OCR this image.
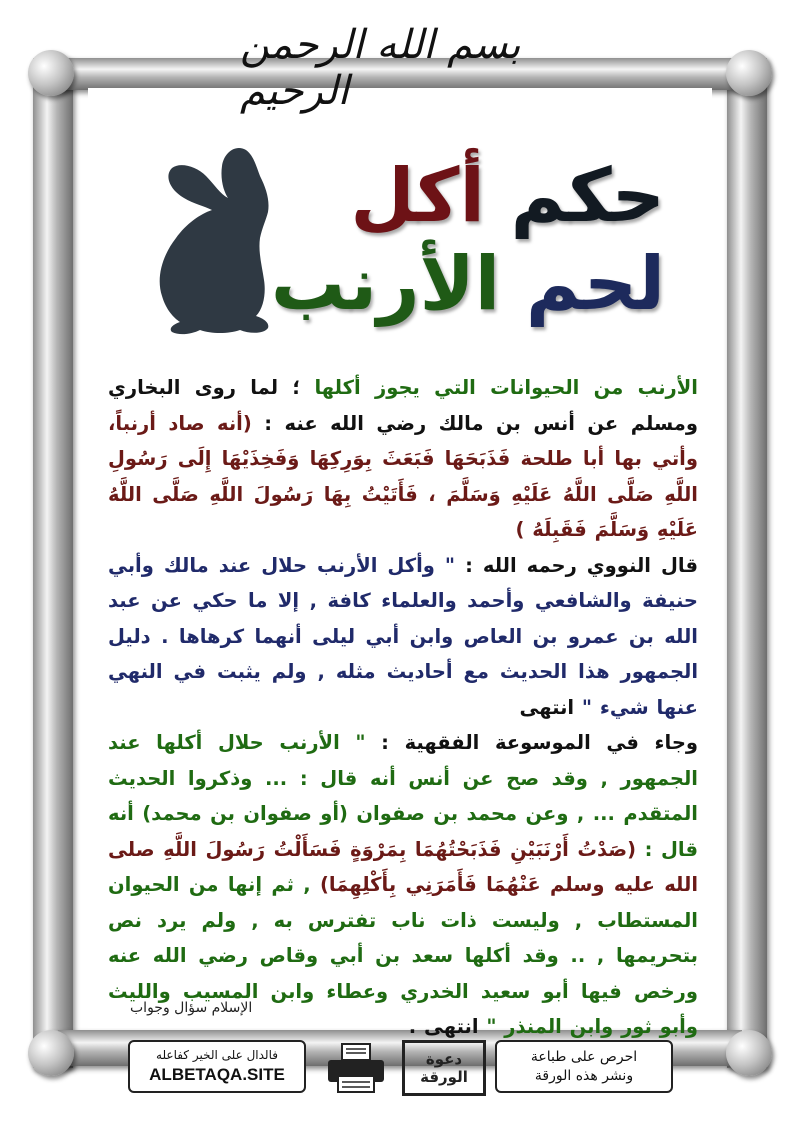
بسم الله الرحمن الرحيم
حكم أكل
لحم الأرنب

الأرنب من الحيوانات التي يجوز أكلها ؛ لما روى البخاري ومسلم عن أنس بن مالك رضي الله عنه : (أنه صاد أرنباً، وأتي بها أبا طلحة فَذَبَحَهَا فَبَعَثَ بِوَرِكِهَا وَفَخِذَيْهَا إِلَى رَسُولِ اللَّهِ صَلَّى اللَّهُ عَلَيْهِ وَسَلَّمَ ، فَأَتَيْتُ بِهَا رَسُولَ اللَّهِ صَلَّى اللَّهُ عَلَيْهِ وَسَلَّمَ فَقَبِلَهُ )

قال النووي رحمه الله : " وأكل الأرنب حلال عند مالك وأبي حنيفة والشافعي وأحمد والعلماء كافة , إلا ما حكي عن عبد الله بن عمرو بن العاص وابن أبي ليلى أنهما كرهاها . دليل الجمهور هذا الحديث مع أحاديث مثله , ولم يثبت في النهي عنها شيء " انتهى

وجاء في الموسوعة الفقهية : " الأرنب حلال أكلها عند الجمهور , وقد صح عن أنس أنه قال : ... وذكروا الحديث المتقدم ... , وعن محمد بن صفوان (أو صفوان بن محمد) أنه قال : (صَدْتُ أَرْنَبَيْنِ فَذَبَحْتُهُمَا بِمَرْوَةٍ فَسَأَلْتُ رَسُولَ اللَّهِ صلى الله عليه وسلم عَنْهُمَا فَأَمَرَنِي بِأَكْلِهِمَا) , ثم إنها من الحيوان المستطاب , وليست ذات ناب تفترس به , ولم يرد نص بتحريمها , .. وقد أكلها سعد بن أبي وقاص رضي الله عنه ورخص فيها أبو سعيد الخدري وعطاء وابن المسيب والليث وأبو ثور وابن المنذر " انتهى .

الإسلام سؤال وجواب
فالدال على الخير كفاعله
ALBETAQA.SITE
دعوة الورقة
احرص على طباعة
ونشر هذه الورقة
